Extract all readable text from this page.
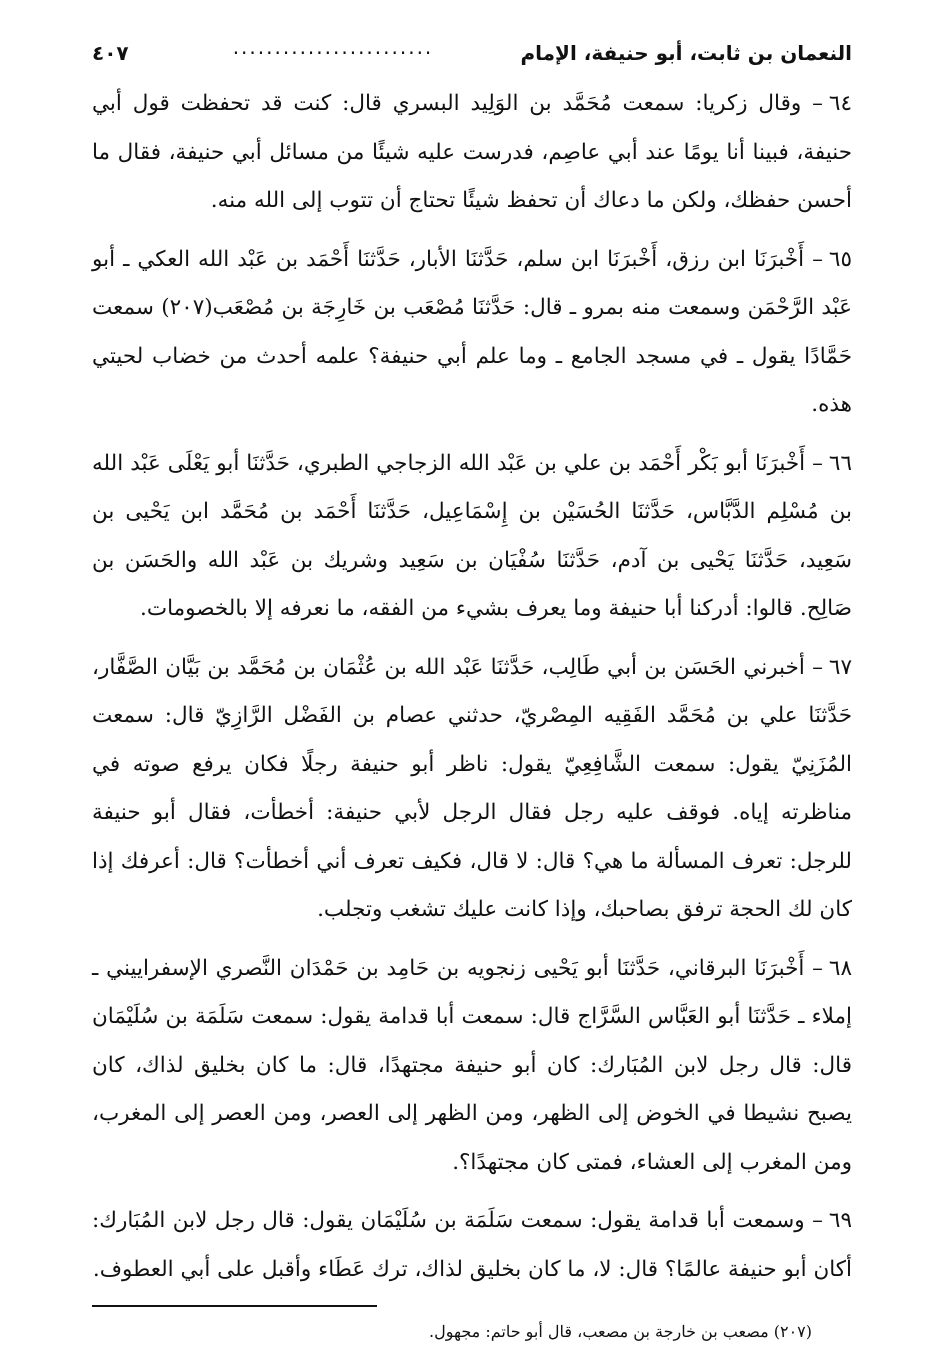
النعمان بن ثابت، أبو حنيفة، الإمام
........................
٤٠٧

٦٤– وقال زكريا: سمعت مُحَمَّد بن الوَلِيد البسري قال: كنت قد تحفظت قول أبي حنيفة، فبينا أنا يومًا عند أبي عاصِم، فدرست عليه شيئًا من مسائل أبي حنيفة، فقال ما أحسن حفظك، ولكن ما دعاك أن تحفظ شيئًا تحتاج أن تتوب إلى الله منه.

٦٥– أَخْبرَنَا ابن رزق، أَخْبرَنَا ابن سلم، حَدَّثنَا الأبار، حَدَّثنَا أَحْمَد بن عَبْد الله العكي ـ أبو عَبْد الرَّحْمَن وسمعت منه بمرو ـ قال: حَدَّثنَا مُصْعَب بن خَارِجَة بن مُصْعَب(٢٠٧) سمعت حَمَّادًا يقول ـ في مسجد الجامع ـ وما علم أبي حنيفة؟ علمه أحدث من خضاب لحيتي هذه.

٦٦– أَخْبرَنَا أبو بَكْر أَحْمَد بن علي بن عَبْد الله الزجاجي الطبري، حَدَّثنَا أبو يَعْلَى عَبْد الله بن مُسْلِم الدَّبَّاس، حَدَّثنَا الحُسَيْن بن إِسْمَاعِيل، حَدَّثنَا أَحْمَد بن مُحَمَّد ابن يَحْيى بن سَعِيد، حَدَّثنَا يَحْيى بن آدم، حَدَّثنَا سُفْيَان بن سَعِيد وشريك بن عَبْد الله والحَسَن بن صَالِح. قالوا: أدركنا أبا حنيفة وما يعرف بشيء من الفقه، ما نعرفه إلا بالخصومات.

٦٧– أخبرني الحَسَن بن أبي طَالِب، حَدَّثنَا عَبْد الله بن عُثْمَان بن مُحَمَّد بن بَيَّان الصَّفَّار، حَدَّثنَا علي بن مُحَمَّد الفَقِيه المِصْريّ، حدثني عصام بن الفَضْل الرَّازِيّ قال: سمعت المُزَنِيّ يقول: سمعت الشَّافِعِيّ يقول: ناظر أبو حنيفة رجلًا فكان يرفع صوته في مناظرته إياه. فوقف عليه رجل فقال الرجل لأبي حنيفة: أخطأت، فقال أبو حنيفة للرجل: تعرف المسألة ما هي؟ قال: لا قال، فكيف تعرف أني أخطأت؟ قال: أعرفك إذا كان لك الحجة ترفق بصاحبك، وإذا كانت عليك تشغب وتجلب.

٦٨– أَخْبرَنَا البرقاني، حَدَّثنَا أبو يَحْيى زنجويه بن حَامِد بن حَمْدَان النَّصري الإسفراييني ـ إملاء ـ حَدَّثنَا أبو العَبَّاس السَّرَّاج قال: سمعت أبا قدامة يقول: سمعت سَلَمَة بن سُلَيْمَان قال: قال رجل لابن المُبَارك: كان أبو حنيفة مجتهدًا، قال: ما كان بخليق لذاك، كان يصبح نشيطا في الخوض إلى الظهر، ومن الظهر إلى العصر، ومن العصر إلى المغرب، ومن المغرب إلى العشاء، فمتى كان مجتهدًا؟.

٦٩– وسمعت أبا قدامة يقول: سمعت سَلَمَة بن سُلَيْمَان يقول: قال رجل لابن المُبَارك: أكان أبو حنيفة عالمًا؟ قال: لا، ما كان بخليق لذاك، ترك عَطَاء وأقبل على أبي العطوف.

(٢٠٧) مصعب بن خارجة بن مصعب، قال أبو حاتم: مجهول.
